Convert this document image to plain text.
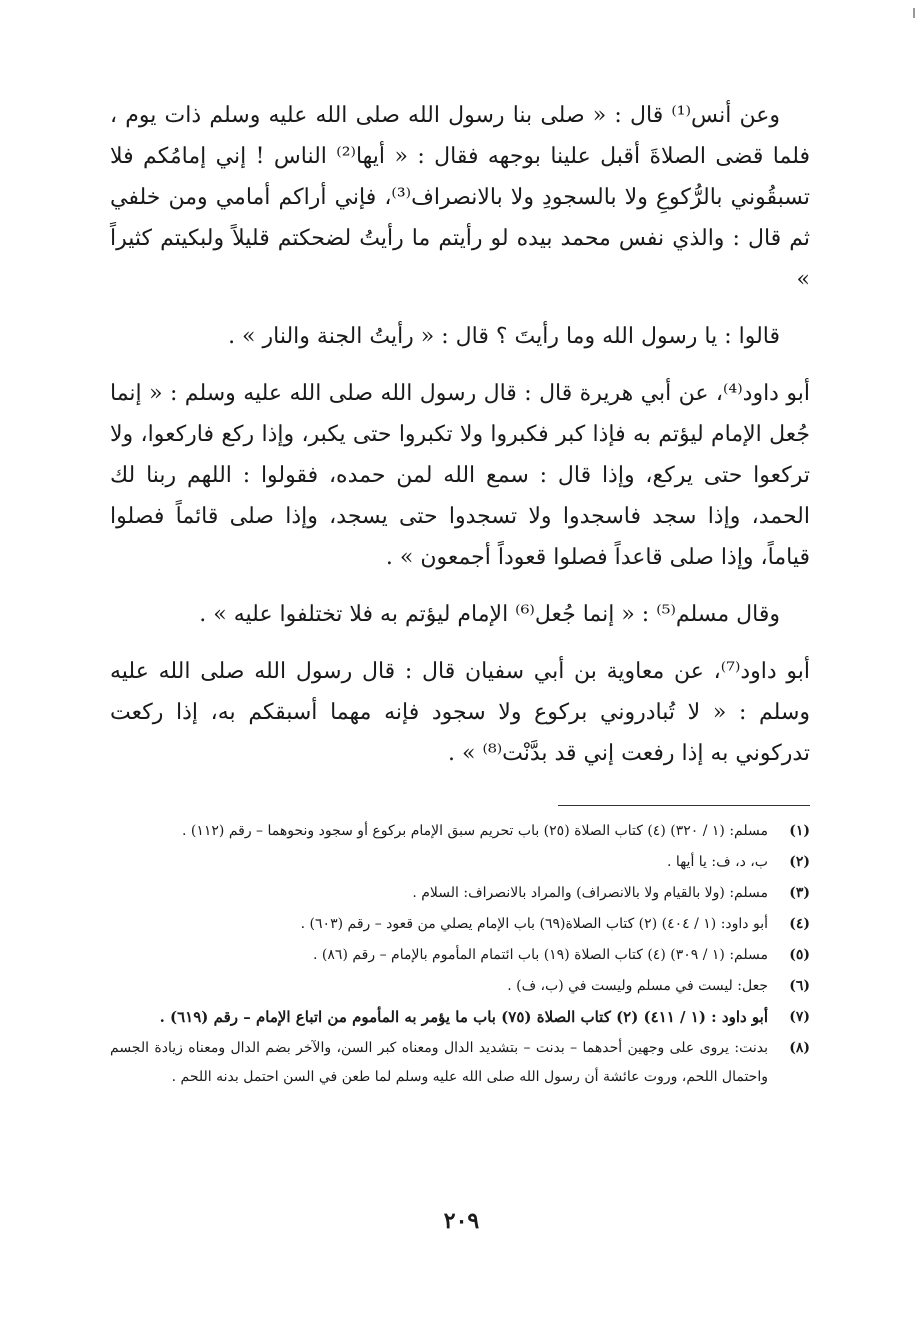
وعن أنس⁽¹⁾ قال : « صلى بنا رسول الله صلى الله عليه وسلم ذات يوم ، فلما قضى الصلاةَ أقبل علينا بوجهه فقال : « أيها⁽²⁾ الناس ! إني إمامُكم فلا تسبقُوني بالرُّكوعِ ولا بالسجودِ ولا بالانصراف⁽³⁾، فإني أراكم أمامي ومن خلفي ثم قال : والذي نفس محمد بيده لو رأيتم ما رأيتُ لضحكتم قليلاً ولبكيتم كثيراً »

قالوا : يا رسول الله وما رأيتَ ؟ قال : « رأيتُ الجنة والنار » .

أبو داود⁽⁴⁾، عن أبي هريرة قال : قال رسول الله صلى الله عليه وسلم : « إنما جُعل الإمام ليؤتم به فإذا كبر فكبروا ولا تكبروا حتى يكبر، وإذا ركع فاركعوا، ولا تركعوا حتى يركع، وإذا قال : سمع الله لمن حمده، فقولوا : اللهم ربنا لك الحمد، وإذا سجد فاسجدوا ولا تسجدوا حتى يسجد، وإذا صلى قائماً فصلوا قياماً، وإذا صلى قاعداً فصلوا قعوداً أجمعون » .

وقال مسلم⁽⁵⁾ : « إنما جُعل⁽⁶⁾ الإمام ليؤتم به فلا تختلفوا عليه » .

أبو داود⁽⁷⁾، عن معاوية بن أبي سفيان قال : قال رسول الله صلى الله عليه وسلم : « لا تُبادروني بركوع ولا سجود فإنه مهما أسبقكم به، إذا ركعت تدركوني به إذا رفعت إني قد بدَّنْت⁽⁸⁾ » .

(١)
مسلم: (١ / ٣٢٠) (٤) كتاب الصلاة (٢٥) باب تحريم سبق الإمام بركوع أو سجود ونحوهما – رقم (١١٢) .
(٢)
ب، د، ف: يا أيها .
(٣)
مسلم: (ولا بالقيام ولا بالانصراف) والمراد بالانصراف: السلام .
(٤)
أبو داود: (١ / ٤٠٤) (٢) كتاب الصلاة(٦٩) باب الإمام يصلي من قعود – رقم (٦٠٣) .
(٥)
مسلم: (١ / ٣٠٩) (٤) كتاب الصلاة (١٩) باب ائتمام المأموم بالإمام – رقم (٨٦) .
(٦)
جعل: ليست في مسلم وليست في (ب، ف) .
(٧)
أبو داود : (١ / ٤١١) (٢) كتاب الصلاة (٧٥) باب ما يؤمر به المأموم من اتباع الإمام – رقم (٦١٩) .
(٨)
بدنت: يروى على وجهين أحدهما – بدنت – بتشديد الدال ومعناه كبر السن، والآخر بضم الدال ومعناه زيادة الجسم واحتمال اللحم، وروت عائشة أن رسول الله صلى الله عليه وسلم لما طعن في السن احتمل بدنه اللحم .
٢٠٩
